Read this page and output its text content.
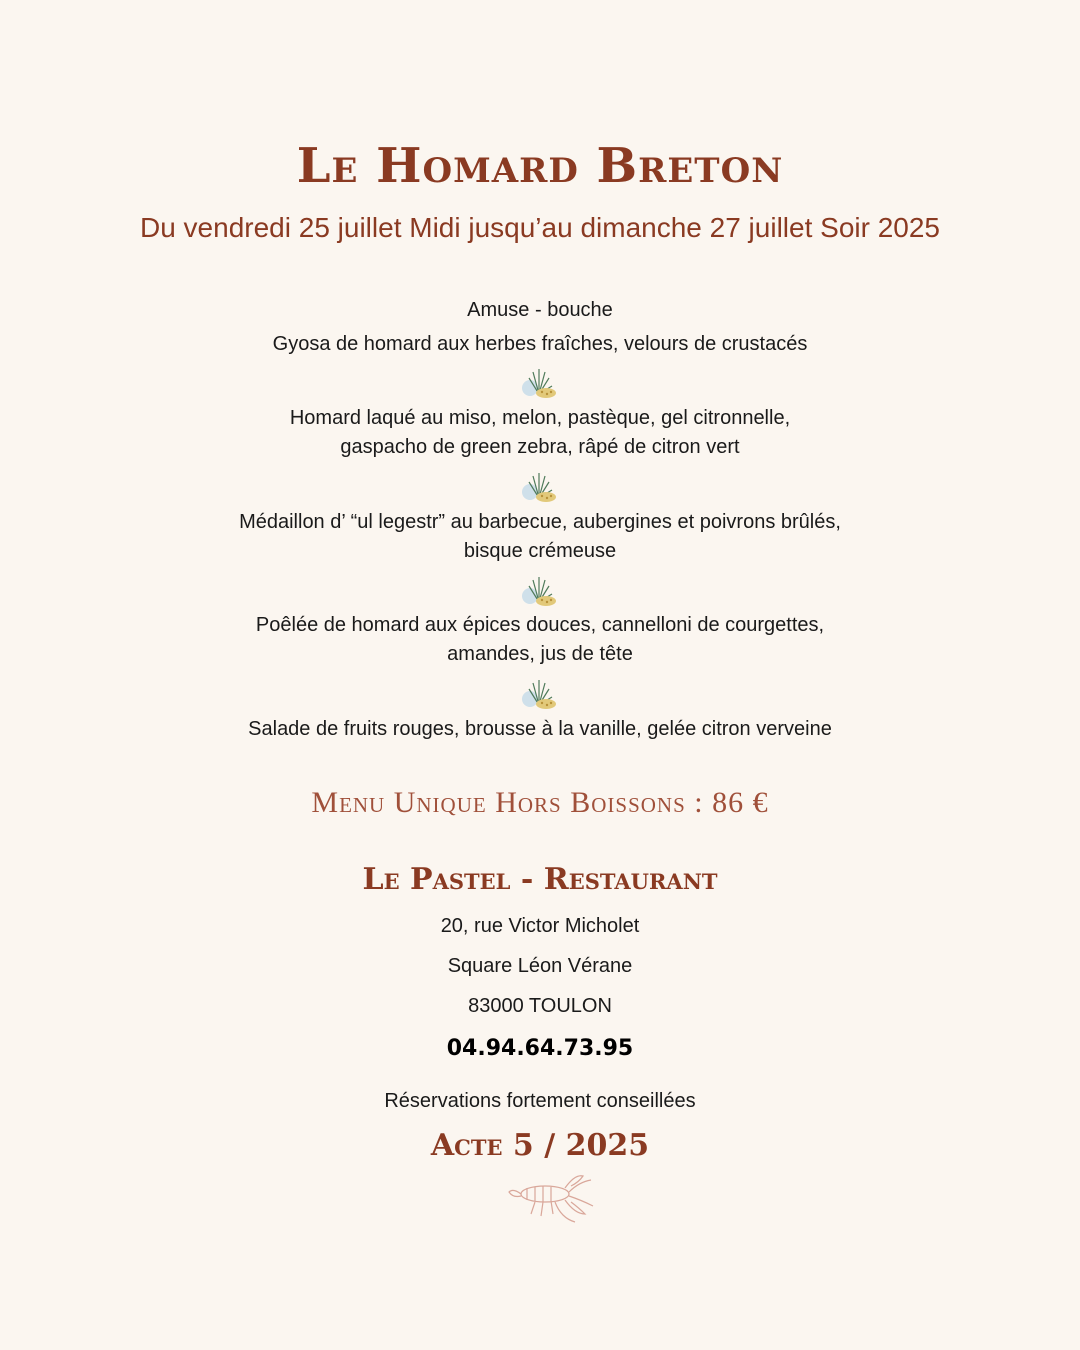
Le Homard Breton
Du vendredi 25 juillet Midi jusqu’au dimanche 27 juillet Soir 2025
Amuse - bouche
Gyosa de homard aux herbes fraîches, velours de crustacés
Homard laqué au miso, melon, pastèque, gel citronnelle,
gaspacho de green zebra, râpé de citron vert
Médaillon d’ “ul legestr” au barbecue, aubergines et poivrons brûlés,
bisque crémeuse
Poêlée de homard aux épices douces, cannelloni de courgettes,
amandes, jus de tête
Salade de fruits rouges, brousse à la vanille, gelée citron verveine
Menu Unique Hors Boissons : 86 €
Le Pastel - Restaurant
20, rue Victor Micholet
Square Léon Vérane
83000 TOULON
04.94.64.73.95
Réservations fortement conseillées
Acte 5 / 2025
